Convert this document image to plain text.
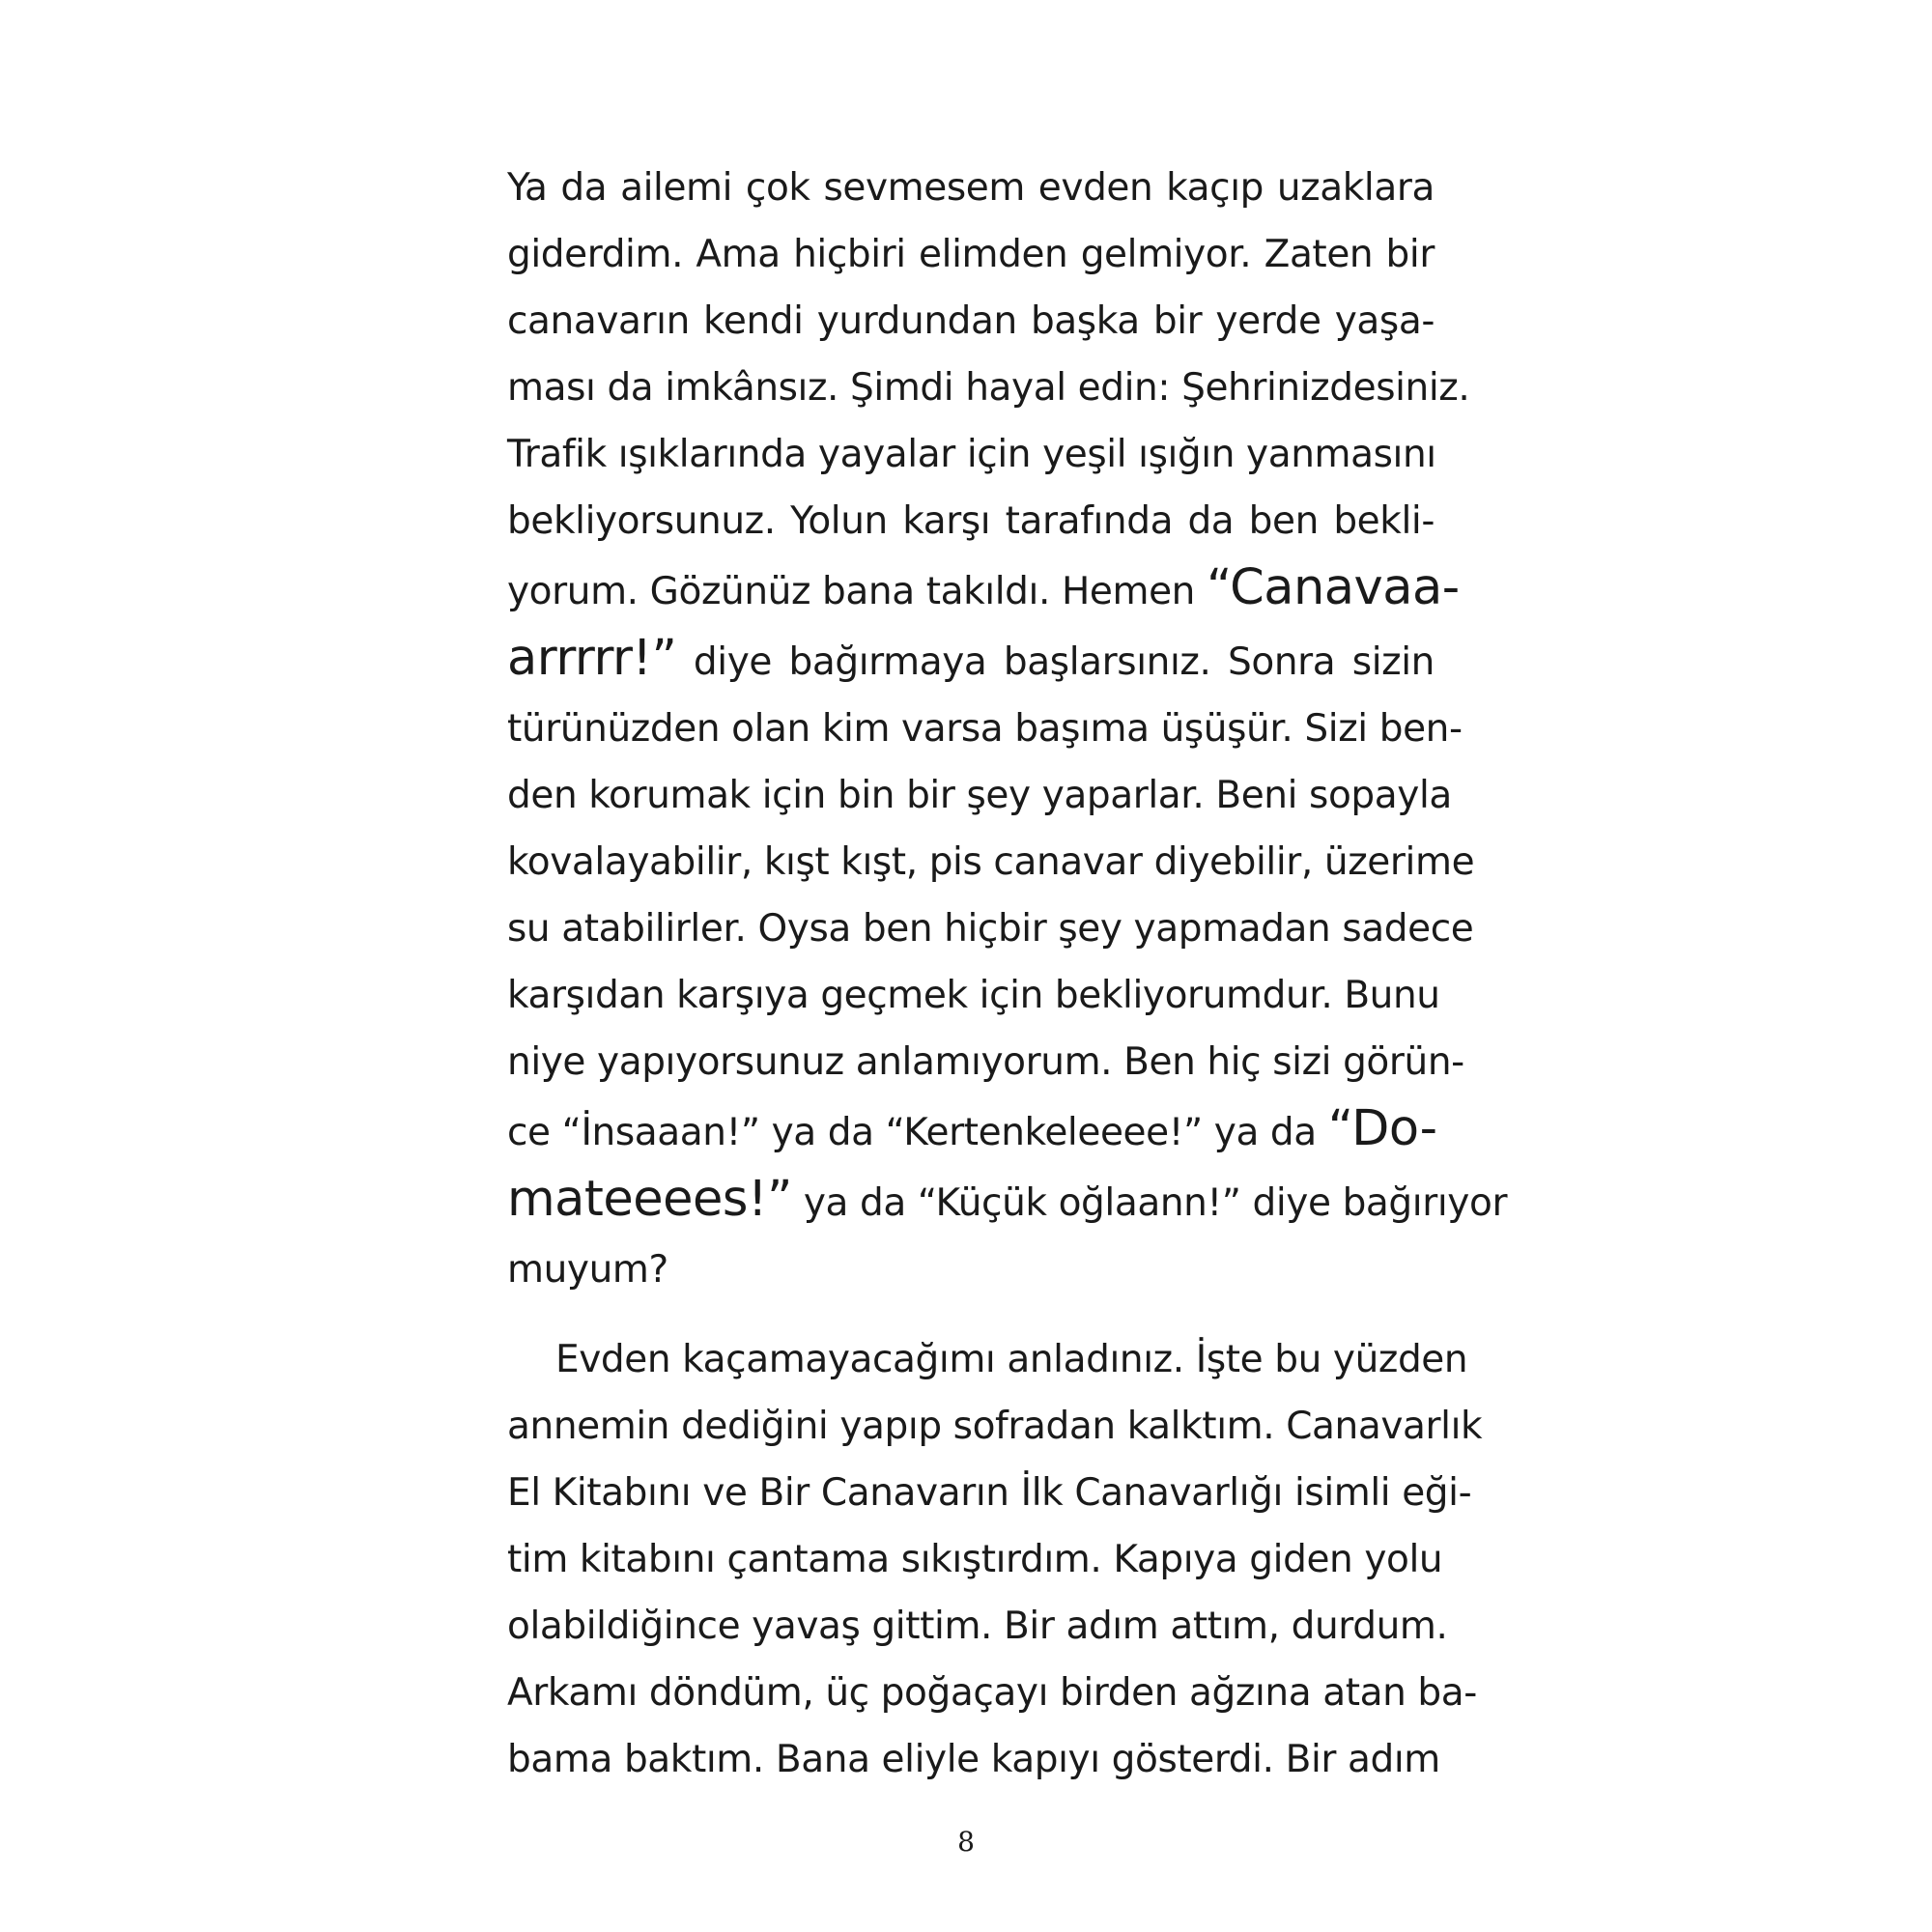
Ya da ailemi çok sevmesem evden kaçıp uzaklara
giderdim. Ama hiçbiri elimden gelmiyor. Zaten bir
canavarın kendi yurdundan başka bir yerde yaşa-
ması da imkânsız. Şimdi hayal edin: Şehrinizdesiniz.
Trafik ışıklarında yayalar için yeşil ışığın yanmasını
bekliyorsunuz. Yolun karşı tarafında da ben bekli-
yorum. Gözünüz bana takıldı. Hemen “Canavaa-
arrrrr!” diye bağırmaya başlarsınız. Sonra sizin
türünüzden olan kim varsa başıma üşüşür. Sizi ben-
den korumak için bin bir şey yaparlar. Beni sopayla
kovalayabilir, kışt kışt, pis canavar diyebilir, üzerime
su atabilirler. Oysa ben hiçbir şey yapmadan sadece
karşıdan karşıya geçmek için bekliyorumdur. Bunu
niye yapıyorsunuz anlamıyorum. Ben hiç sizi görün-
ce “İnsaaan!” ya da “Kertenkeleeee!” ya da “Do-
mateeees!” ya da “Küçük oğlaann!” diye bağırıyor
muyum?

Evden kaçamayacağımı anladınız. İşte bu yüzden
annemin dediğini yapıp sofradan kalktım. Canavarlık
El Kitabını ve Bir Canavarın İlk Canavarlığı isimli eği-
tim kitabını çantama sıkıştırdım. Kapıya giden yolu
olabildiğince yavaş gittim. Bir adım attım, durdum.
Arkamı döndüm, üç poğaçayı birden ağzına atan ba-
bama baktım. Bana eliyle kapıyı gösterdi. Bir adım

8
